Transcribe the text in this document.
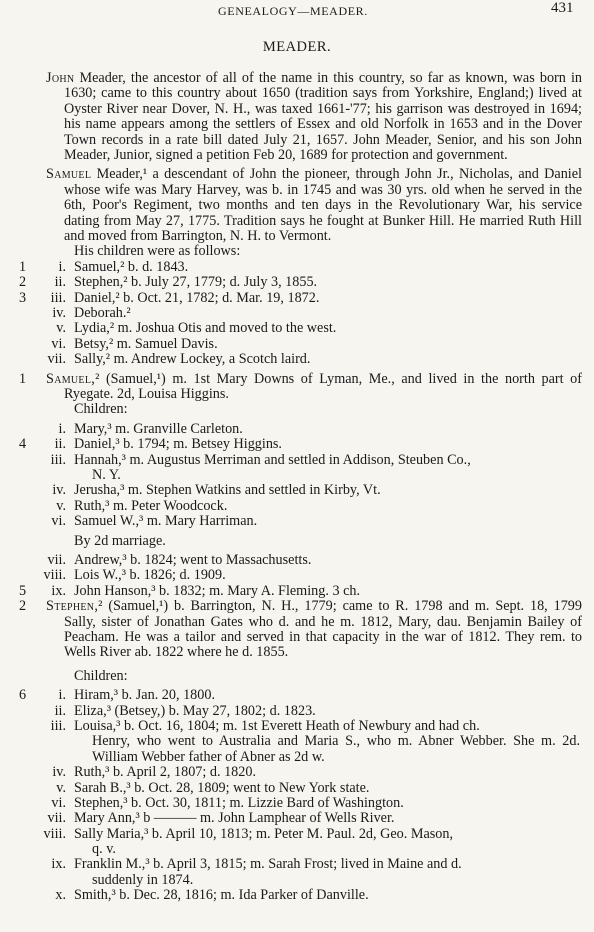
GENEALOGY—MEADER.	431
MEADER.

John Meader, the ancestor of all of the name in this country, so far as known, was born in 1630; came to this country about 1650 (tradition says from Yorkshire, England;) lived at Oyster River near Dover, N. H., was taxed 1661-'77; his garrison was destroyed in 1694; his name appears among the settlers of Essex and old Norfolk in 1653 and in the Dover Town records in a rate bill dated July 21, 1657. John Meader, Senior, and his son John Meader, Junior, signed a petition Feb 20, 1689 for protection and government.

Samuel Meader,¹ a descendant of John the pioneer, through John Jr., Nicholas, and Daniel whose wife was Mary Harvey, was b. in 1745 and was 30 yrs. old when he served in the 6th, Poor's Regiment, two months and ten days in the Revolutionary War, his service dating from May 27, 1775. Tradition says he fought at Bunker Hill. He married Ruth Hill and moved from Barrington, N. H. to Vermont.

His children were as follows:
1	i. Samuel,² b. d. 1843.
2	ii. Stephen,² b. July 27, 1779; d. July 3, 1855.
3	iii. Daniel,² b. Oct. 21, 1782; d. Mar. 19, 1872.
iv. Deborah.²
v. Lydia,² m. Joshua Otis and moved to the west.
vi. Betsy,² m. Samuel Davis.
vii. Sally,² m. Andrew Lockey, a Scotch laird.
1	Samuel,² (Samuel,¹) m. 1st Mary Downs of Lyman, Me., and lived in the north part of Ryegate. 2d, Louisa Higgins.

Children:
i. Mary,³ m. Granville Carleton.
4	ii. Daniel,³ b. 1794; m. Betsey Higgins.
iii. Hannah,³ m. Augustus Merriman and settled in Addison, Steuben Co.,

N. Y.

iv. Jerusha,³ m. Stephen Watkins and settled in Kirby, Vt.
v. Ruth,³ m. Peter Woodcock.
vi. Samuel W.,³ m. Mary Harriman.
By 2d marriage.
vii. Andrew,³ b. 1824; went to Massachusetts.
viii. Lois W.,³ b. 1826; d. 1909.
5	ix. John Hanson,³ b. 1832; m. Mary A. Fleming. 3 ch.
2	Stephen,² (Samuel,¹) b. Barrington, N. H., 1779; came to R. 1798 and m. Sept. 18, 1799 Sally, sister of Jonathan Gates who d. and he m. 1812, Mary, dau. Benjamin Bailey of Peacham. He was a tailor and served in that capacity in the war of 1812. They rem. to Wells River ab. 1822 where he d. 1855.

Children:
6	i. Hiram,³ b. Jan. 20, 1800.
ii. Eliza,³ (Betsey,) b. May 27, 1802; d. 1823.
iii. Louisa,³ b. Oct. 16, 1804; m. 1st Everett Heath of Newbury and had ch.

Henry, who went to Australia and Maria S., who m. Abner Webber. She m. 2d. William Webber father of Abner as 2d w.

iv. Ruth,³ b. April 2, 1807; d. 1820.
v. Sarah B.,³ b. Oct. 28, 1809; went to New York state.
vi. Stephen,³ b. Oct. 30, 1811; m. Lizzie Bard of Washington.
vii. Mary Ann,³ b ——— m. John Lamphear of Wells River.
viii. Sally Maria,³ b. April 10, 1813; m. Peter M. Paul. 2d, Geo. Mason,

q. v.

ix. Franklin M.,³ b. April 3, 1815; m. Sarah Frost; lived in Maine and d.

suddenly in 1874.

x. Smith,³ b. Dec. 28, 1816; m. Ida Parker of Danville.
